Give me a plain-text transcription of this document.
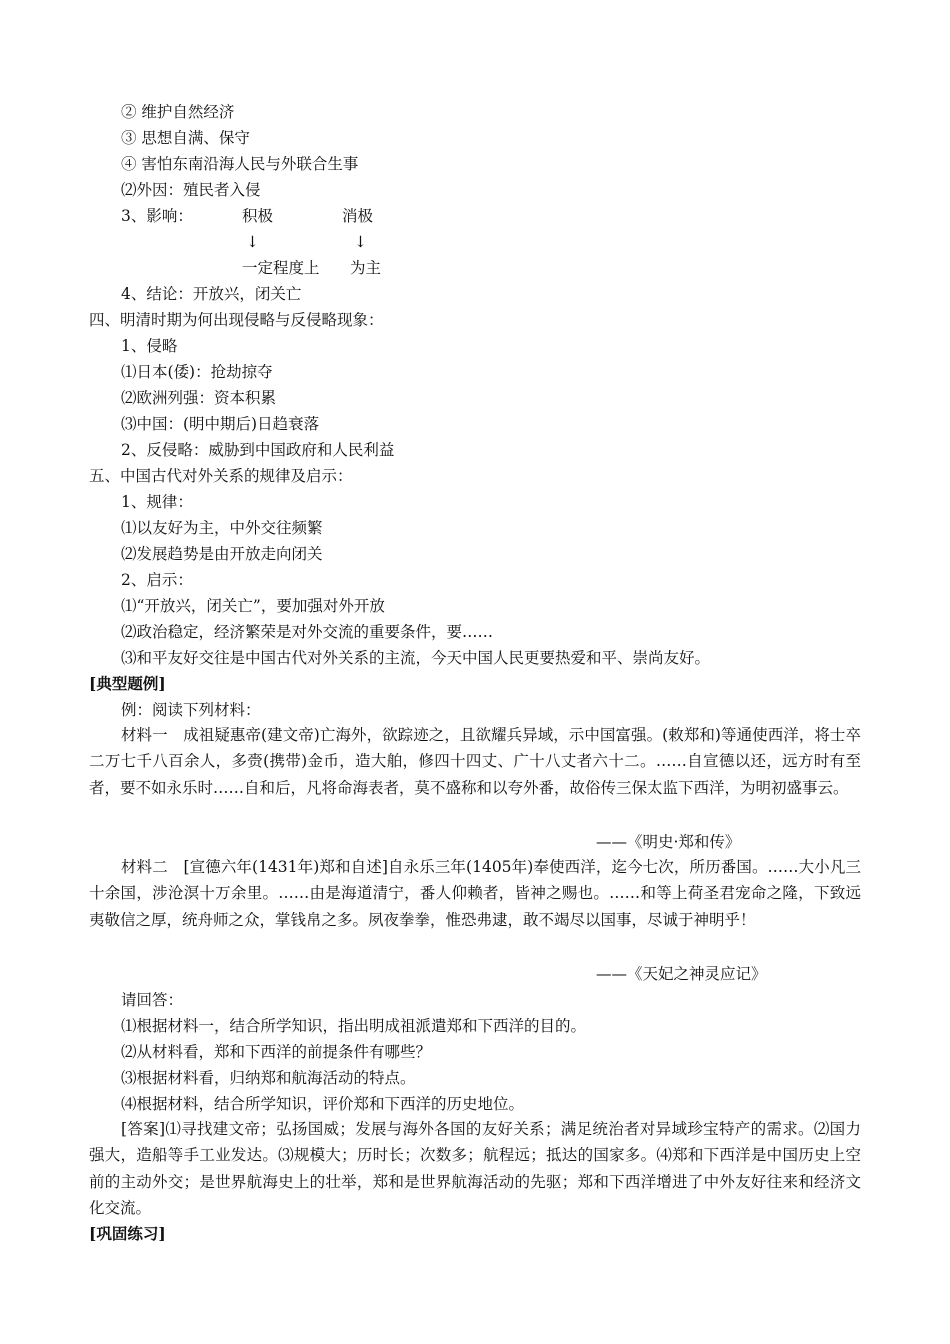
② 维护自然经济
③ 思想自满、保守
④ 害怕东南沿海人民与外联合生事
⑵外因：殖民者入侵
3、影响：	积极	消极
↓	↓
一定程度上 为主
4、结论：开放兴，闭关亡
四、明清时期为何出现侵略与反侵略现象：
1、侵略
⑴日本(倭)：抢劫掠夺
⑵欧洲列强：资本积累
⑶中国：(明中期后)日趋衰落
2、反侵略：威胁到中国政府和人民利益
五、中国古代对外关系的规律及启示：
1、规律：
⑴以友好为主，中外交往频繁
⑵发展趋势是由开放走向闭关
2、启示：
⑴“开放兴，闭关亡”，要加强对外开放
⑵政治稳定，经济繁荣是对外交流的重要条件，要……
⑶和平友好交往是中国古代对外关系的主流，今天中国人民更要热爱和平、崇尚友好。
[典型题例]
例：阅读下列材料：
材料一　成祖疑惠帝(建文帝)亡海外，欲踪迹之，且欲耀兵异域，示中国富强。(敕郑和)等通使西洋，将士卒二万七千八百余人，多赍(携带)金币，造大舶，修四十四丈、广十八丈者六十二。……自宣德以还，远方时有至者，要不如永乐时……自和后，凡将命海表者，莫不盛称和以夸外番，故俗传三保太监下西洋，为明初盛事云。
——《明史·郑和传》
材料二　[宣德六年(1431年)郑和自述]自永乐三年(1405年)奉使西洋，迄今七次，所历番国。……大小凡三十余国，涉沧溟十万余里。……由是海道清宁，番人仰赖者，皆神之赐也。……和等上荷圣君宠命之隆，下致远夷敬信之厚，统舟师之众，掌钱帛之多。夙夜拳拳，惟恐弗逮，敢不竭尽以国事，尽诚于神明乎！
——《天妃之神灵应记》
请回答：
⑴根据材料一，结合所学知识，指出明成祖派遣郑和下西洋的目的。
⑵从材料看，郑和下西洋的前提条件有哪些？
⑶根据材料看，归纳郑和航海活动的特点。
⑷根据材料，结合所学知识，评价郑和下西洋的历史地位。
[答案]⑴寻找建文帝；弘扬国威；发展与海外各国的友好关系；满足统治者对异域珍宝特产的需求。⑵国力强大，造船等手工业发达。⑶规模大；历时长；次数多；航程远；抵达的国家多。⑷郑和下西洋是中国历史上空前的主动外交；是世界航海史上的壮举，郑和是世界航海活动的先驱；郑和下西洋增进了中外友好往来和经济文化交流。
[巩固练习]
